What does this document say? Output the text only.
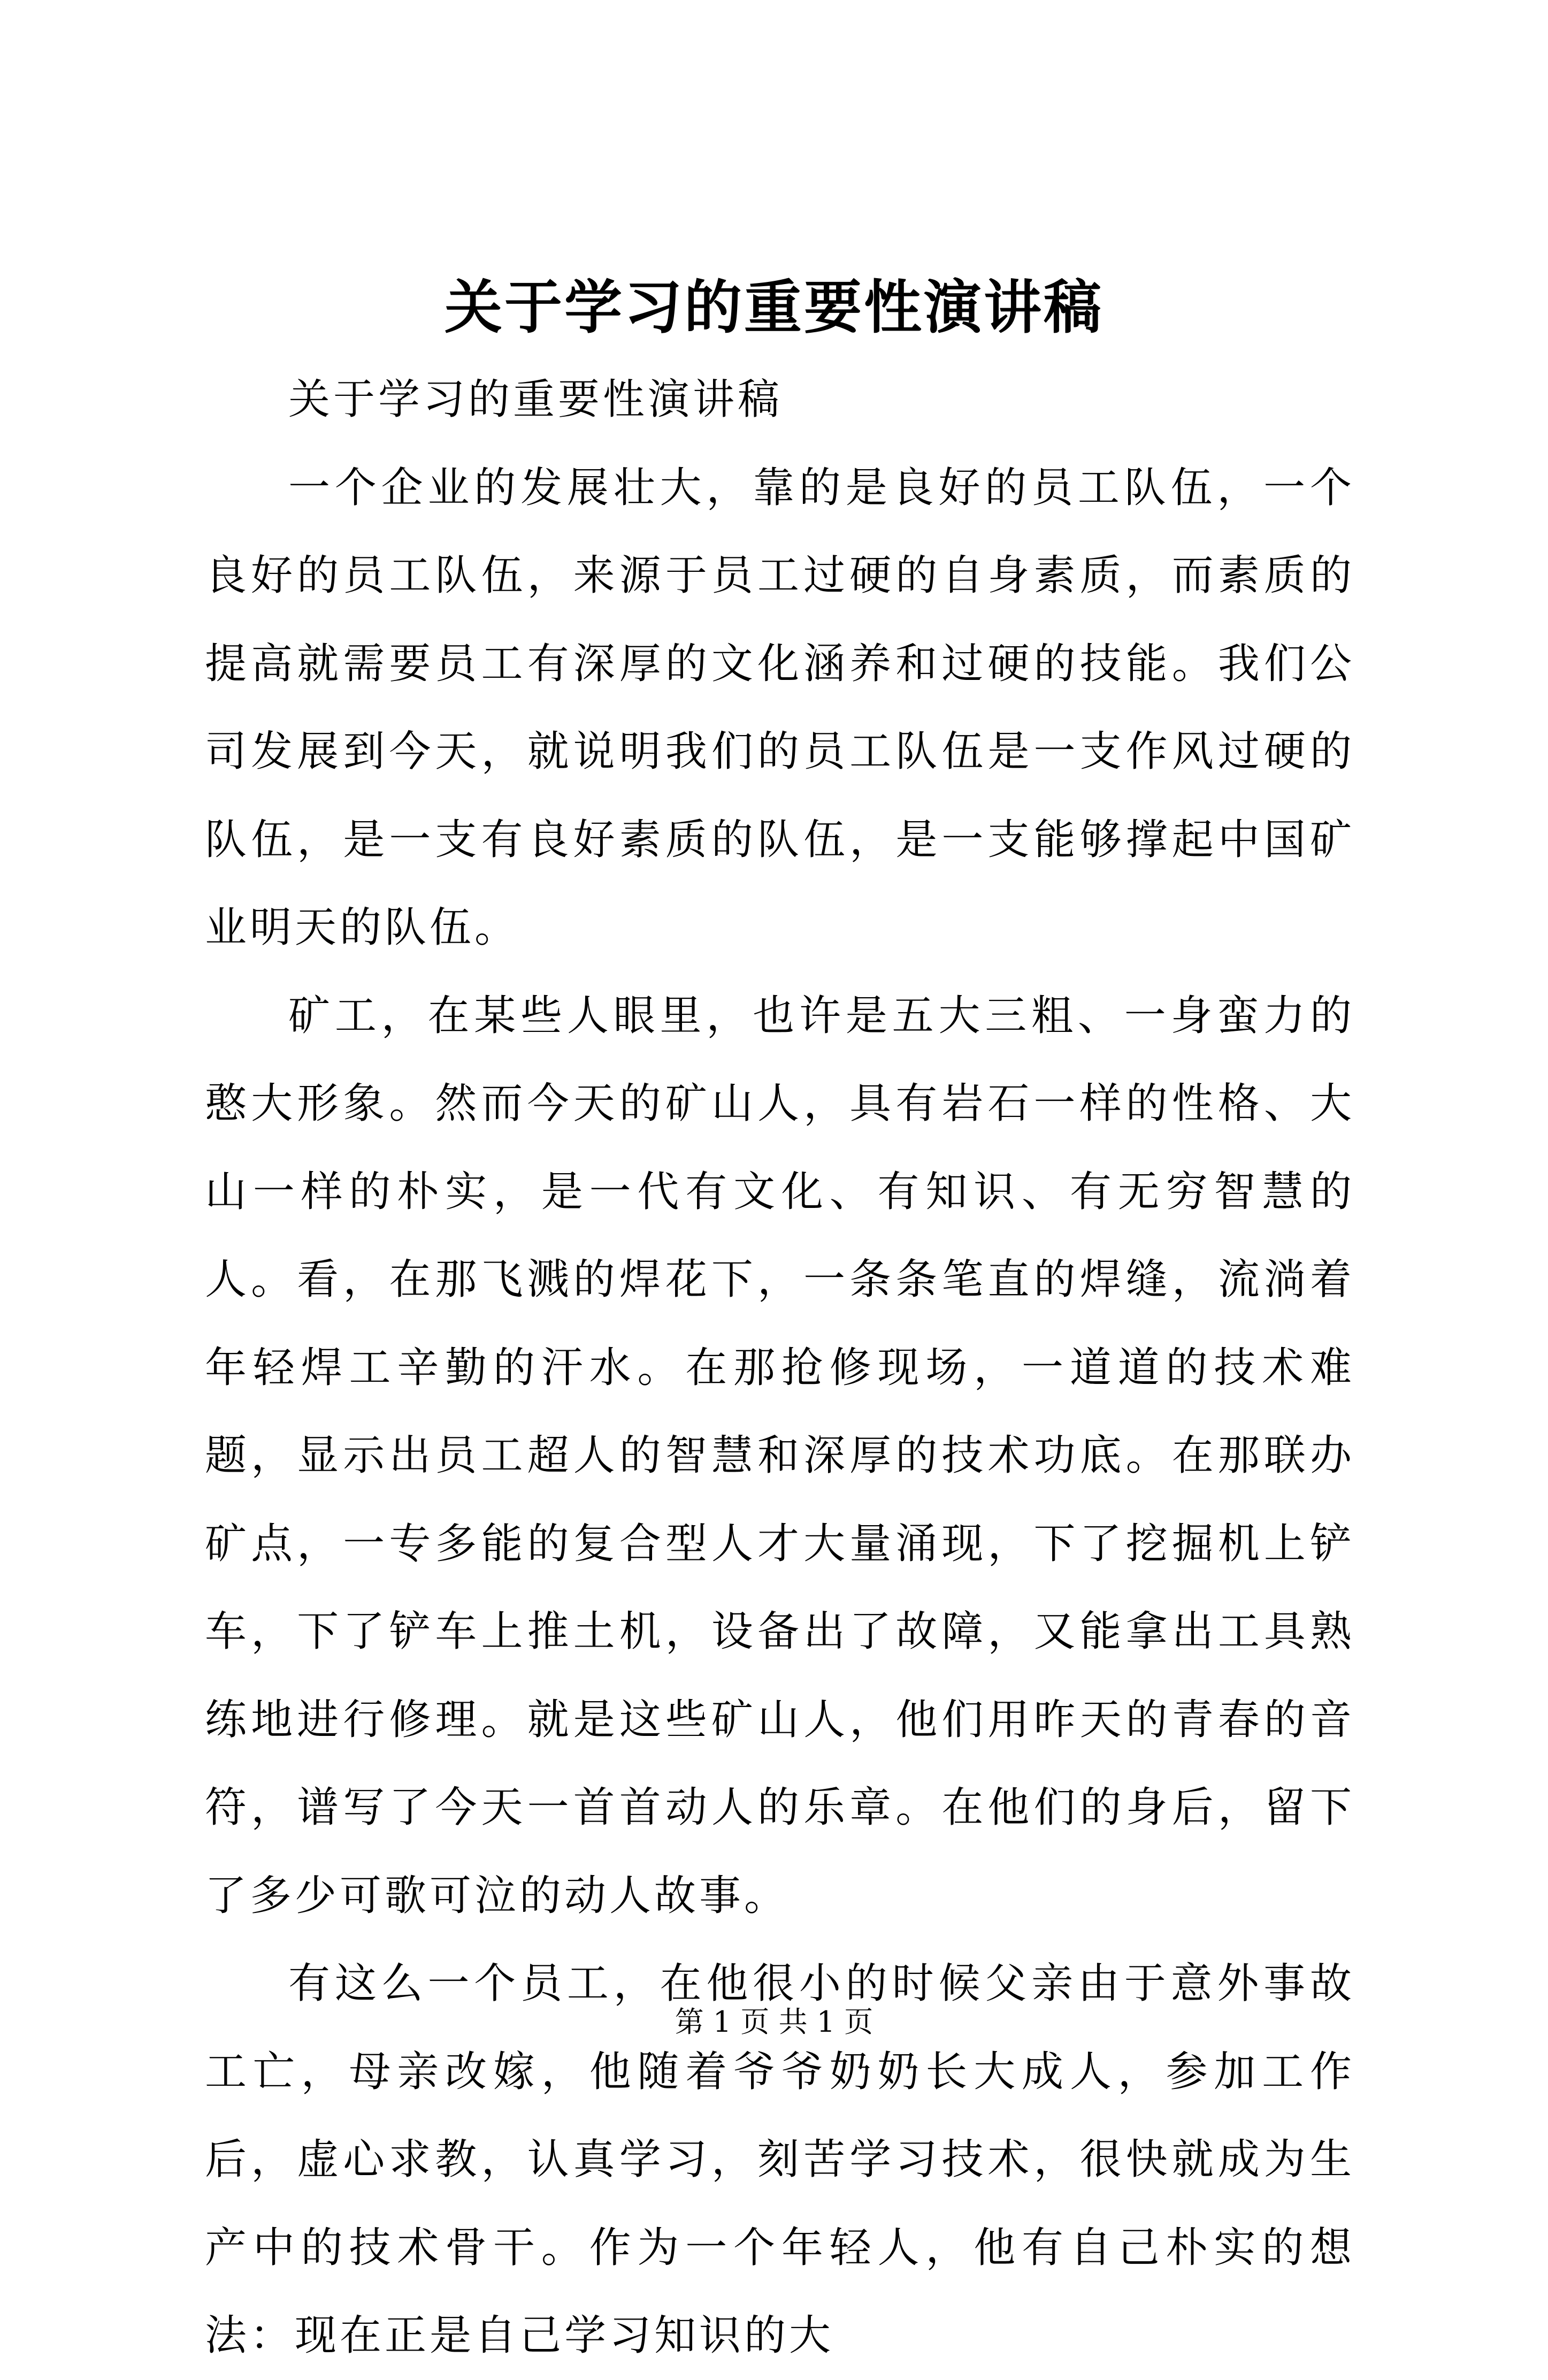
关于学习的重要性演讲稿

关于学习的重要性演讲稿

一个企业的发展壮大，靠的是良好的员工队伍，一个良好的员工队伍，来源于员工过硬的自身素质，而素质的提高就需要员工有深厚的文化涵养和过硬的技能。我们公司发展到今天，就说明我们的员工队伍是一支作风过硬的队伍，是一支有良好素质的队伍，是一支能够撑起中国矿业明天的队伍。

矿工，在某些人眼里，也许是五大三粗、一身蛮力的憨大形象。然而今天的矿山人，具有岩石一样的性格、大山一样的朴实，是一代有文化、有知识、有无穷智慧的人。看，在那飞溅的焊花下，一条条笔直的焊缝，流淌着年轻焊工辛勤的汗水。在那抢修现场，一道道的技术难题，显示出员工超人的智慧和深厚的技术功底。在那联办矿点，一专多能的复合型人才大量涌现，下了挖掘机上铲车，下了铲车上推土机，设备出了故障，又能拿出工具熟练地进行修理。就是这些矿山人，他们用昨天的青春的音符，谱写了今天一首首动人的乐章。在他们的身后，留下了多少可歌可泣的动人故事。

有这么一个员工，在他很小的时候父亲由于意外事故工亡，母亲改嫁，他随着爷爷奶奶长大成人，参加工作后，虚心求教，认真学习，刻苦学习技术，很快就成为生产中的技术骨干。作为一个年轻人，他有自己朴实的想法：现在正是自己学习知识的大

第 1 页 共 1 页
